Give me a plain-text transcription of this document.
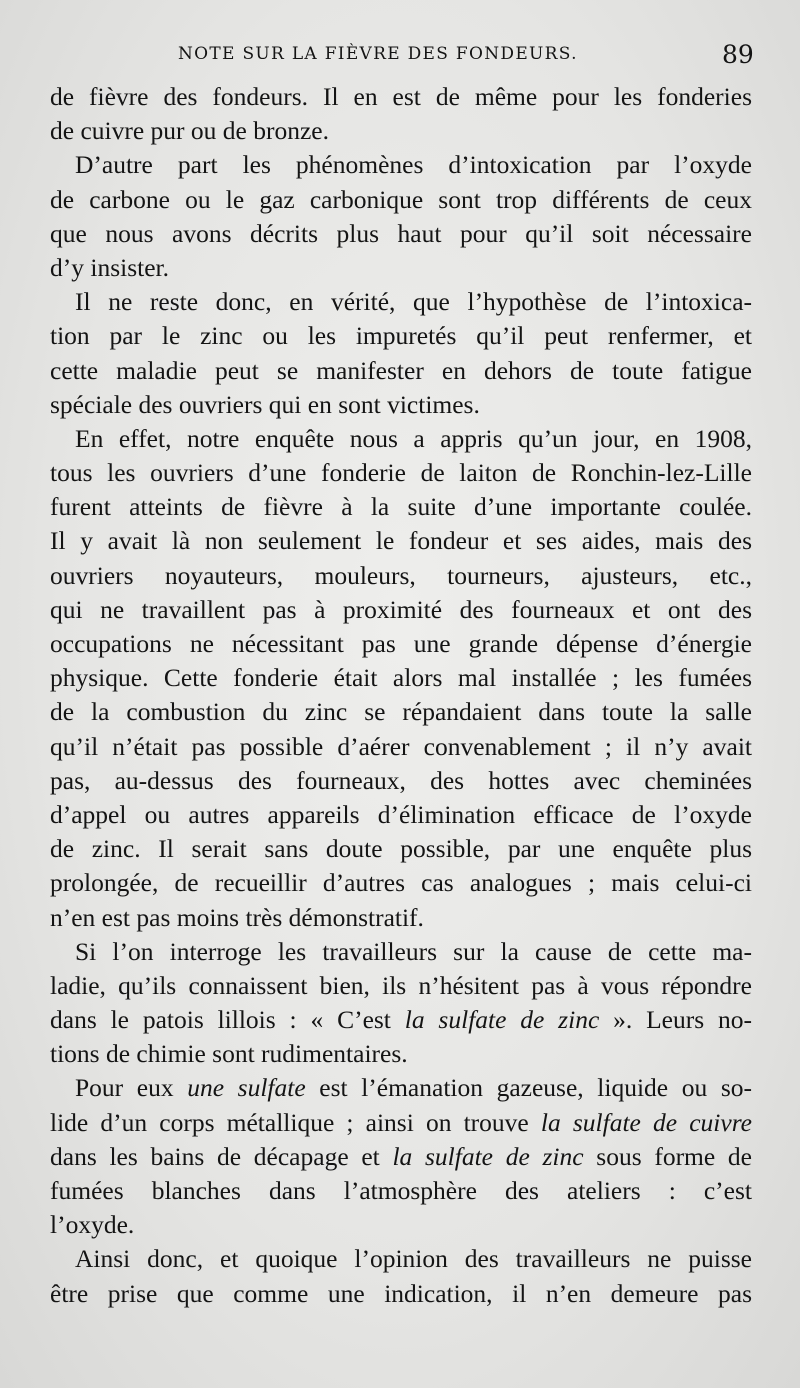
NOTE SUR LA FIÈVRE DES FONDEURS.	89
de fièvre des fondeurs. Il en est de même pour les fonderies
de cuivre pur ou de bronze.
D’autre part les phénomènes d’intoxication par l’oxyde
de carbone ou le gaz carbonique sont trop différents de ceux
que nous avons décrits plus haut pour qu’il soit nécessaire
d’y insister.
Il ne reste donc, en vérité, que l’hypothèse de l’intoxica-
tion par le zinc ou les impuretés qu’il peut renfermer, et
cette maladie peut se manifester en dehors de toute fatigue
spéciale des ouvriers qui en sont victimes.
En effet, notre enquête nous a appris qu’un jour, en 1908,
tous les ouvriers d’une fonderie de laiton de Ronchin-lez-Lille
furent atteints de fièvre à la suite d’une importante coulée.
Il y avait là non seulement le fondeur et ses aides, mais des
ouvriers noyauteurs, mouleurs, tourneurs, ajusteurs, etc.,
qui ne travaillent pas à proximité des fourneaux et ont des
occupations ne nécessitant pas une grande dépense d’énergie
physique. Cette fonderie était alors mal installée ; les fumées
de la combustion du zinc se répandaient dans toute la salle
qu’il n’était pas possible d’aérer convenablement ; il n’y avait
pas, au-dessus des fourneaux, des hottes avec cheminées
d’appel ou autres appareils d’élimination efficace de l’oxyde
de zinc. Il serait sans doute possible, par une enquête plus
prolongée, de recueillir d’autres cas analogues ; mais celui-ci
n’en est pas moins très démonstratif.
Si l’on interroge les travailleurs sur la cause de cette ma-
ladie, qu’ils connaissent bien, ils n’hésitent pas à vous répondre
dans le patois lillois : « C’est la sulfate de zinc ». Leurs no-
tions de chimie sont rudimentaires.
Pour eux une sulfate est l’émanation gazeuse, liquide ou so-
lide d’un corps métallique ; ainsi on trouve la sulfate de cuivre
dans les bains de décapage et la sulfate de zinc sous forme de
fumées blanches dans l’atmosphère des ateliers : c’est
l’oxyde.
Ainsi donc, et quoique l’opinion des travailleurs ne puisse
être prise que comme une indication, il n’en demeure pas
